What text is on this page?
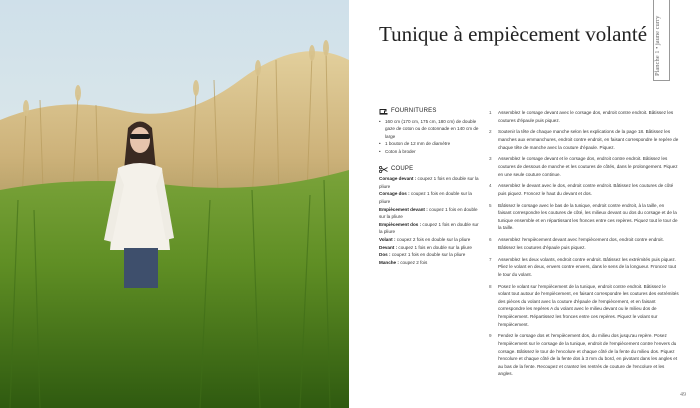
Tunique à empiècement volanté Planche 1 • jaune curry
FOURNITURES
• 160 cm (170 cm, 175 cm, 180 cm) de double gaze de coton ou de cotonnade en 140 cm de large
• 1 bouton de 12 mm de diamètre
• Coton à broder
COUPE
Corsage devant : coupez 1 fois en double sur la pliure
Corsage dos : coupez 1 fois en double sur la pliure
Empiècement devant : coupez 1 fois en double sur la pliure
Empiècement dos : coupez 1 fois en double sur la pliure
Volant : coupez 2 fois en double sur la pliure
Devant : coupez 1 fois en double sur la pliure
Dos : coupez 1 fois en double sur la pliure
Manche : coupez 2 fois
1	Assemblez le corsage devant avec le corsage dos, endroit contre endroit. Bâtissez les coutures d'épaule puis piquez.
2	Soutenir la tête de chaque manche selon les explications de la page 18. Bâtissez les manches aux emmanchures, endroit contre endroit, en faisant correspondre le repère de chaque tête de manche avec la couture d'épaule. Piquez.
3	Assemblez le corsage devant et le corsage dos, endroit contre endroit. Bâtissez les coutures de dessous de manche et les coutures de côtés, dans le prolongement. Piquez en une seule couture continue.
4	Assemblez le devant avec le dos, endroit contre endroit. Bâtissez les coutures de côté puis piquez. Froncez le haut du devant et dos.
5	Bâtissez le corsage avec le bas de la tunique, endroit contre endroit, à la taille, en faisant correspondre les coutures de côté, les milieux devant ou dos du corsage et de la tunique ensemble et en répartissant les fronces entre ces repères. Piquez tout le tour de la taille.
6	Assemblez l'empiècement devant avec l'empiècement dos, endroit contre endroit. Bâtissez les coutures d'épaule puis piquez.
7	Assemblez les deux volants, endroit contre endroit. Bâtissez les extrémités puis piquez. Pliez le volant en deux, envers contre envers, dans le sens de la longueur. Froncez tout le tour du volant.
8	Posez le volant sur l'empiècement de la tunique, endroit contre endroit. Bâtissez le volant tout autour de l'empiècement, en faisant correspondre les coutures des extrémités des pièces du volant avec la couture d'épaule de l'empiècement, et en faisant correspondre les repères A du volant avec le milieu devant ou le milieu dos de l'empiècement. Répartissez les fronces entre ces repères. Piquez le volant sur l'empiècement.
9	Fendez le corsage dos et l'empiècement dos, du milieu dos jusqu'au repère. Posez l'empiècement sur le corsage de la tunique, endroit de l'empiècement contre l'envers du corsage. Bâtissez le tour de l'encolure et chaque côté de la fente du milieu dos. Piquez l'encolure et chaque côté de la fente dos à 3 mm du bord, en pivotant dans les angles et au bas de la fente. Recoupez et crantez les rentrés de couture de l'encolure et les angles.
49
